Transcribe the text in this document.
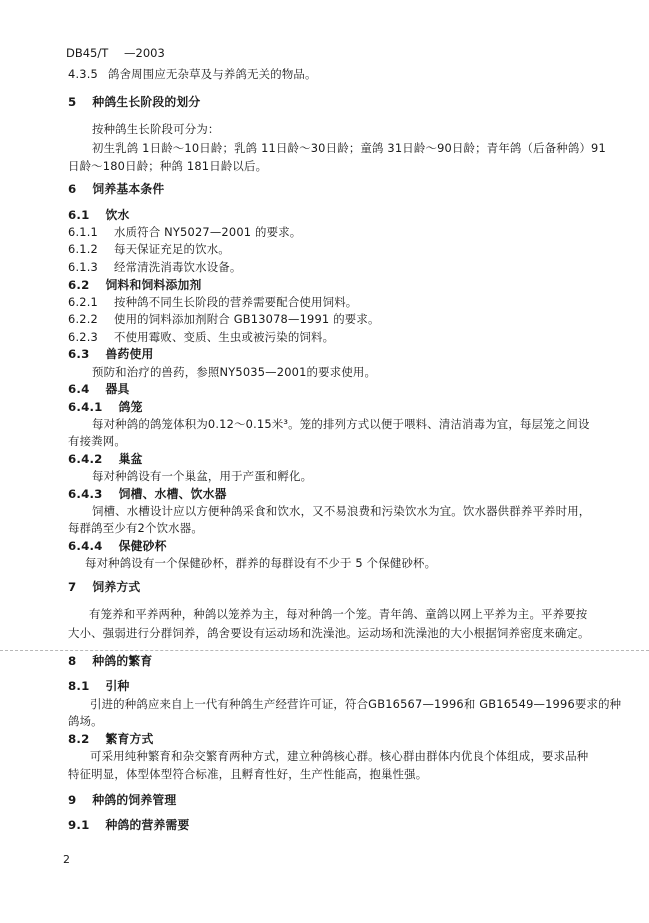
DB45/T —2003
4.3.5 鸽舍周围应无杂草及与养鸽无关的物品。
5 种鸽生长阶段的划分
按种鸽生长阶段可分为：
初生乳鸽 1日龄～10日龄；乳鸽 11日龄～30日龄；童鸽 31日龄～90日龄；青年鸽（后备种鸽）91
日龄～180日龄；种鸽 181日龄以后。
6 饲养基本条件
6.1 饮水
6.1.1 水质符合 NY5027—2001 的要求。
6.1.2 每天保证充足的饮水。
6.1.3 经常清洗消毒饮水设备。
6.2 饲料和饲料添加剂
6.2.1 按种鸽不同生长阶段的营养需要配合使用饲料。
6.2.2 使用的饲料添加剂附合 GB13078—1991 的要求。
6.2.3 不使用霉败、变质、生虫或被污染的饲料。
6.3 兽药使用
预防和治疗的兽药，参照NY5035—2001的要求使用。
6.4 器具
6.4.1 鸽笼
每对种鸽的鸽笼体积为0.12～0.15米³。笼的排列方式以便于喂料、清洁消毒为宜，每层笼之间设
有接粪网。
6.4.2 巢盆
每对种鸽设有一个巢盆，用于产蛋和孵化。
6.4.3 饲槽、水槽、饮水器
饲槽、水槽设计应以方便种鸽采食和饮水，又不易浪费和污染饮水为宜。饮水器供群养平养时用，
每群鸽至少有2个饮水器。
6.4.4 保健砂杯
每对种鸽设有一个保健砂杯，群养的每群设有不少于 5 个保健砂杯。
7 饲养方式
有笼养和平养两种，种鸽以笼养为主，每对种鸽一个笼。青年鸽、童鸽以网上平养为主。平养要按
大小、强弱进行分群饲养，鸽舍要设有运动场和洗澡池。运动场和洗澡池的大小根据饲养密度来确定。
8 种鸽的繁育
8.1 引种
引进的种鸽应来自上一代有种鸽生产经营许可证，符合GB16567—1996和 GB16549—1996要求的种
鸽场。
8.2 繁育方式
可采用纯种繁育和杂交繁育两种方式，建立种鸽核心群。核心群由群体内优良个体组成，要求品种
特征明显，体型体型符合标准，且孵育性好，生产性能高，抱巢性强。
9 种鸽的饲养管理
9.1 种鸽的营养需要
2
